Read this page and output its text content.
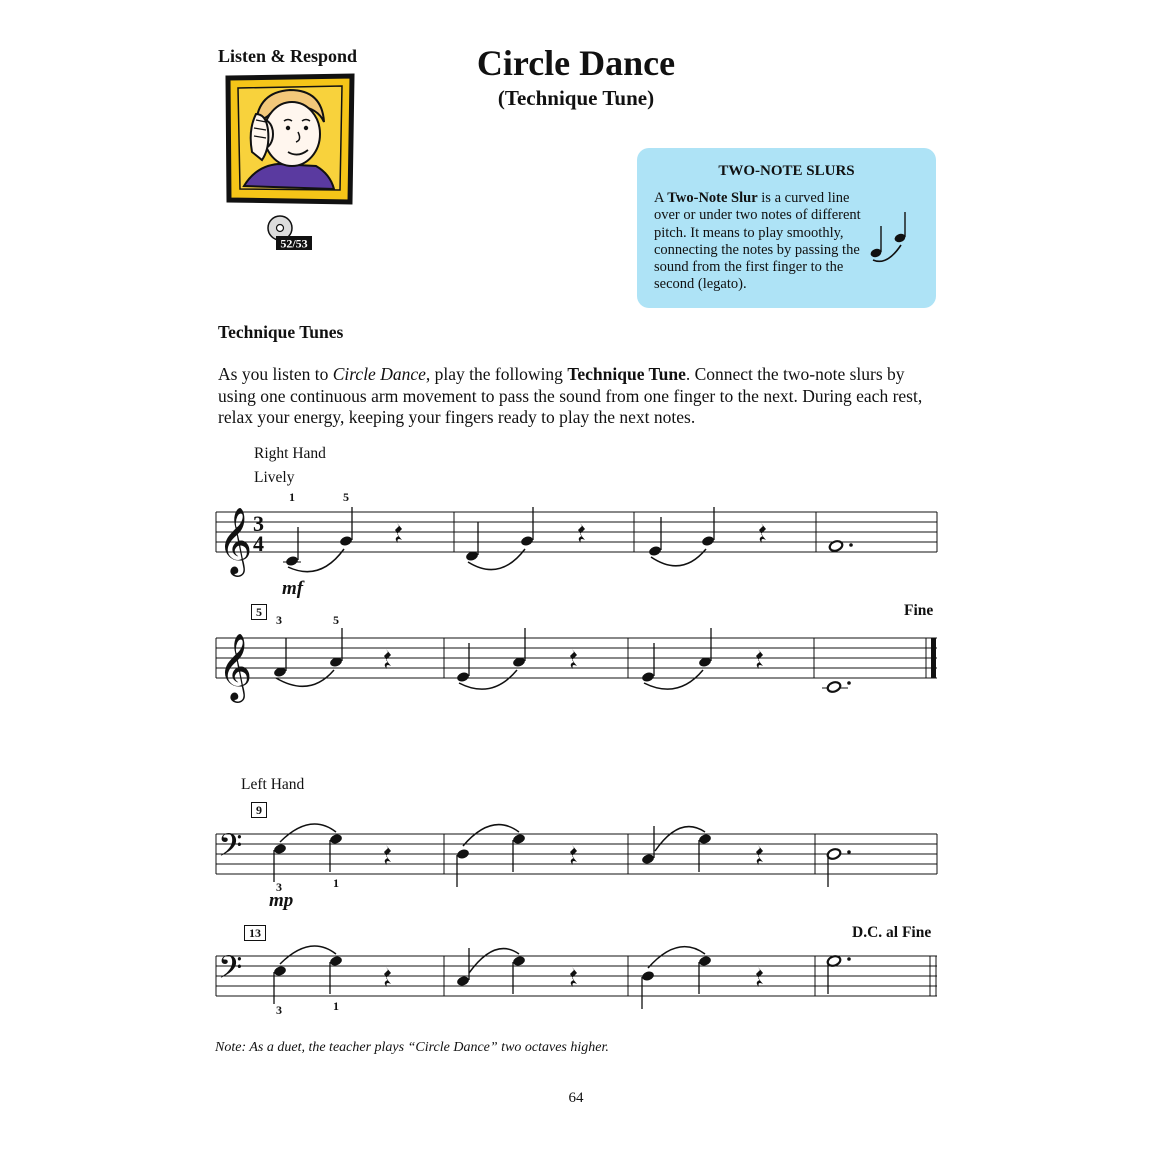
Listen & Respond
52/53
Circle Dance
(Technique Tune)
TWO-NOTE SLURS
A Two-Note Slur is a curved line over or under two notes of different pitch. It means to play smoothly, connecting the notes by passing the sound from the first finger to the second (legato).
Technique Tunes
As you listen to Circle Dance, play the following Technique Tune. Connect the two-note slurs by using one continuous arm movement to pass the sound from one finger to the next. During each rest, relax your energy, keeping your fingers ready to play the next notes.
Right Hand
Lively
1	5
mf
5
3	5
Fine
Left Hand
9
3	1
mp
13
3	1
D.C. al Fine
𝄞 3
4
𝄞
𝄢
𝄢
Note: As a duet, the teacher plays “Circle Dance” two octaves higher.
64
